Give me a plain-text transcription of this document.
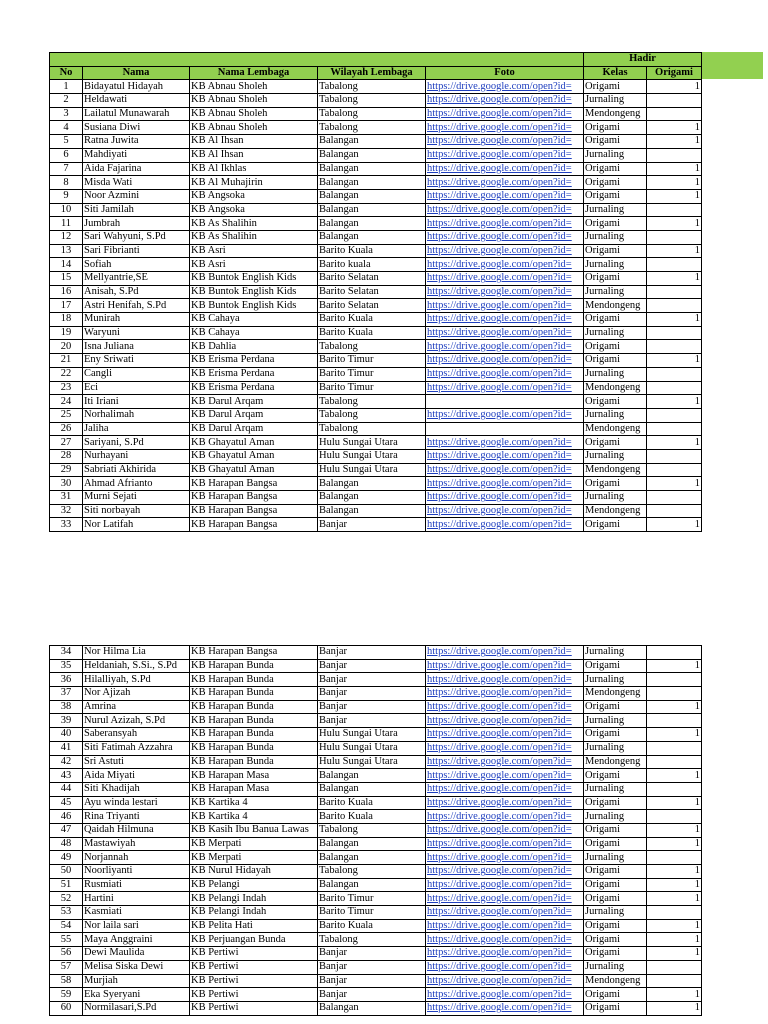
					Hadir	
No	Nama	Nama Lembaga	Wilayah Lembaga	Foto	Kelas	Origami
1	Bidayatul Hidayah	KB Abnau Sholeh	Tabalong	https://drive.google.com/open?id=	Origami	1
2	Heldawati	KB Abnau Sholeh	Tabalong	https://drive.google.com/open?id=	Jurnaling	
3	Lailatul Munawarah	KB Abnau Sholeh	Tabalong	https://drive.google.com/open?id=	Mendongeng	
4	Susiana Diwi	KB Abnau Sholeh	Tabalong	https://drive.google.com/open?id=	Origami	1
5	Ratna Juwita	KB Al Ihsan	Balangan	https://drive.google.com/open?id=	Origami	1
6	Mahdiyati	KB Al Ihsan	Balangan	https://drive.google.com/open?id=	Jurnaling	
7	Aida Fajarina	KB Al Ikhlas	Balangan	https://drive.google.com/open?id=	Origami	1
8	Misda Wati	KB Al Muhajirin	Balangan	https://drive.google.com/open?id=	Origami	1
9	Noor Azmini	KB Angsoka	Balangan	https://drive.google.com/open?id=	Origami	1
10	Siti Jamilah	KB Angsoka	Balangan	https://drive.google.com/open?id=	Jurnaling	
11	Jumbrah	KB As Shalihin	Balangan	https://drive.google.com/open?id=	Origami	1
12	Sari Wahyuni, S.Pd	KB As Shalihin	Balangan	https://drive.google.com/open?id=	Jurnaling	
13	Sari Fibrianti	KB Asri	Barito Kuala	https://drive.google.com/open?id=	Origami	1
14	Sofiah	KB Asri	Barito kuala	https://drive.google.com/open?id=	Jurnaling	
15	Mellyantrie,SE	KB Buntok English Kids	Barito Selatan	https://drive.google.com/open?id=	Origami	1
16	Anisah, S.Pd	KB Buntok English Kids	Barito Selatan	https://drive.google.com/open?id=	Jurnaling	
17	Astri Henifah, S.Pd	KB Buntok English Kids	Barito Selatan	https://drive.google.com/open?id=	Mendongeng	
18	Munirah	KB Cahaya	Barito Kuala	https://drive.google.com/open?id=	Origami	1
19	Waryuni	KB Cahaya	Barito Kuala	https://drive.google.com/open?id=	Jurnaling	
20	Isna Juliana	KB Dahlia	Tabalong	https://drive.google.com/open?id=	Origami	
21	Eny Sriwati	KB Erisma Perdana	Barito Timur	https://drive.google.com/open?id=	Origami	1
22	Cangli	KB Erisma Perdana	Barito Timur	https://drive.google.com/open?id=	Jurnaling	
23	Eci	KB Erisma Perdana	Barito Timur	https://drive.google.com/open?id=	Mendongeng	
24	Iti Iriani	KB Darul Arqam	Tabalong		Origami	1
25	Norhalimah	KB Darul Arqam	Tabalong	https://drive.google.com/open?id=	Jurnaling	
26	Jaliha	KB Darul Arqam	Tabalong		Mendongeng	
27	Sariyani, S.Pd	KB Ghayatul Aman	Hulu Sungai Utara	https://drive.google.com/open?id=	Origami	1
28	Nurhayani	KB Ghayatul Aman	Hulu Sungai Utara	https://drive.google.com/open?id=	Jurnaling	
29	Sabriati Akhirida	KB Ghayatul Aman	Hulu Sungai Utara	https://drive.google.com/open?id=	Mendongeng	
30	Ahmad Afrianto	KB Harapan Bangsa	Balangan	https://drive.google.com/open?id=	Origami	1
31	Murni Sejati	KB Harapan Bangsa	Balangan	https://drive.google.com/open?id=	Jurnaling	
32	Siti norbayah	KB Harapan Bangsa	Balangan	https://drive.google.com/open?id=	Mendongeng	
33	Nor Latifah	KB Harapan Bangsa	Banjar	https://drive.google.com/open?id=	Origami	1
34	Nor Hilma Lia	KB Harapan Bangsa	Banjar	https://drive.google.com/open?id=	Jurnaling	
35	Heldaniah, S.Si., S.Pd	KB Harapan Bunda	Banjar	https://drive.google.com/open?id=	Origami	1
36	Hilalliyah, S.Pd	KB Harapan Bunda	Banjar	https://drive.google.com/open?id=	Jurnaling	
37	Nor Ajizah	KB Harapan Bunda	Banjar	https://drive.google.com/open?id=	Mendongeng	
38	Amrina	KB Harapan Bunda	Banjar	https://drive.google.com/open?id=	Origami	1
39	Nurul Azizah, S.Pd	KB Harapan Bunda	Banjar	https://drive.google.com/open?id=	Jurnaling	
40	Saberansyah	KB Harapan Bunda	Hulu Sungai Utara	https://drive.google.com/open?id=	Origami	1
41	Siti Fatimah Azzahra	KB Harapan Bunda	Hulu Sungai Utara	https://drive.google.com/open?id=	Jurnaling	
42	Sri Astuti	KB Harapan Bunda	Hulu Sungai Utara	https://drive.google.com/open?id=	Mendongeng	
43	Aida Miyati	KB Harapan Masa	Balangan	https://drive.google.com/open?id=	Origami	1
44	Siti Khadijah	KB Harapan Masa	Balangan	https://drive.google.com/open?id=	Jurnaling	
45	Ayu winda lestari	KB Kartika 4	Barito Kuala	https://drive.google.com/open?id=	Origami	1
46	Rina Triyanti	KB Kartika 4	Barito Kuala	https://drive.google.com/open?id=	Jurnaling	
47	Qaidah Hilmuna	KB Kasih Ibu Banua Lawas	Tabalong	https://drive.google.com/open?id=	Origami	1
48	Mastawiyah	KB Merpati	Balangan	https://drive.google.com/open?id=	Origami	1
49	Norjannah	KB Merpati	Balangan	https://drive.google.com/open?id=	Jurnaling	
50	Noorliyanti	KB Nurul Hidayah	Tabalong	https://drive.google.com/open?id=	Origami	1
51	Rusmiati	KB Pelangi	Balangan	https://drive.google.com/open?id=	Origami	1
52	Hartini	KB Pelangi Indah	Barito Timur	https://drive.google.com/open?id=	Origami	1
53	Kasmiati	KB Pelangi Indah	Barito Timur	https://drive.google.com/open?id=	Jurnaling	
54	Nor laila sari	KB Pelita Hati	Barito Kuala	https://drive.google.com/open?id=	Origami	1
55	Maya Anggraini	KB Perjuangan Bunda	Tabalong	https://drive.google.com/open?id=	Origami	1
56	Dewi Maulida	KB Pertiwi	Banjar	https://drive.google.com/open?id=	Origami	1
57	Melisa Siska Dewi	KB Pertiwi	Banjar	https://drive.google.com/open?id=	Jurnaling	
58	Murjiah	KB Pertiwi	Banjar	https://drive.google.com/open?id=	Mendongeng	
59	Eka Syeryani	KB Pertiwi	Banjar	https://drive.google.com/open?id=	Origami	1
60	Normilasari,S.Pd	KB Pertiwi	Balangan	https://drive.google.com/open?id=	Origami	1
